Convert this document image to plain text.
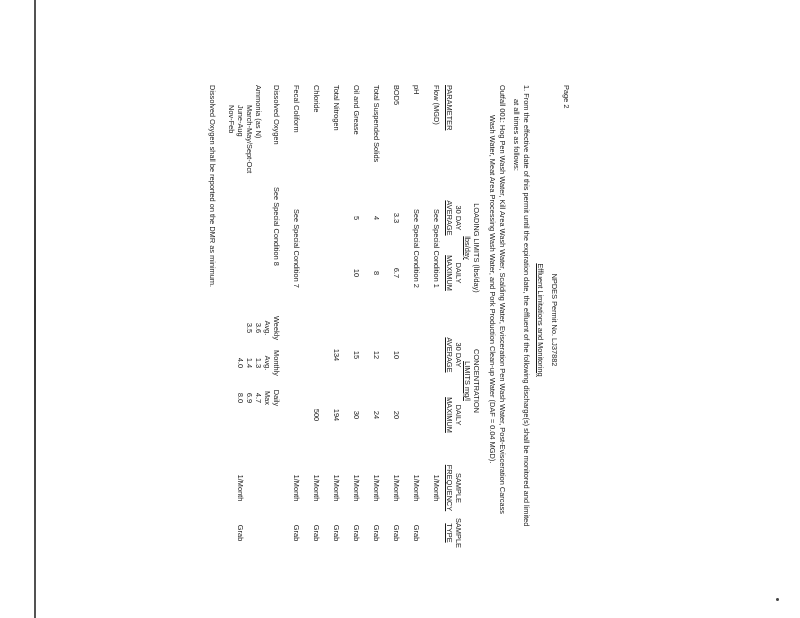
Page 2
NPDES Permit No. LJ37882
Effluent Limitations and Monitoring
1. From the effective date of this permit until the expiration date, the effluent of the following discharge(s) shall be monitored and limited
at all times as follows:
Outfall 001: Hog Pen Wash Water, Kill Area Wash Water, Scalding Water, Evisceration Pen Wash Water, Post-Evisceration Carcass
Wash Water, Meat Area Processing Wash Water, and Pork Production Clean-up Water (DAF = 0.04 MGD).
LOADING LIMITS (lbs/day)
lbs/day
CONCENTRATION
LIMITS mg/l
PARAMETER
30 DAY
AVERAGE
DAILY
MAXIMUM
30 DAY
AVERAGE
DAILY
MAXIMUM
SAMPLE
FREQUENCY
SAMPLE
TYPE
Flow (MGD)
See Special Condition 1
1/Month
pH
See Special Condition 2
1/Month
Grab
BOD5
3.3
6.7
10
20
1/Month
Grab
Total Suspended Solids
4
8
12
24
1/Month
Grab
Oil and Grease
5
10
15
30
1/Month
Grab
Total Nitrogen
134
194
1/Month
Grab
Chloride
500
1/Month
Grab
Fecal Coliform
See Special Condition 7
1/Month
Grab
Dissolved Oxygen
See Special Condition 8
Ammonia (as N)
Weekly
Avg.
Monthly
Avg.
Daily
Max
March-May/Sept-Oct
3.6
1.3
4.7
June-Aug
3.5
1.4
6.9
Nov-Feb
4.0
8.0
1/Month
Grab
Dissolved Oxygen shall be reported on the DMR as minimum.
